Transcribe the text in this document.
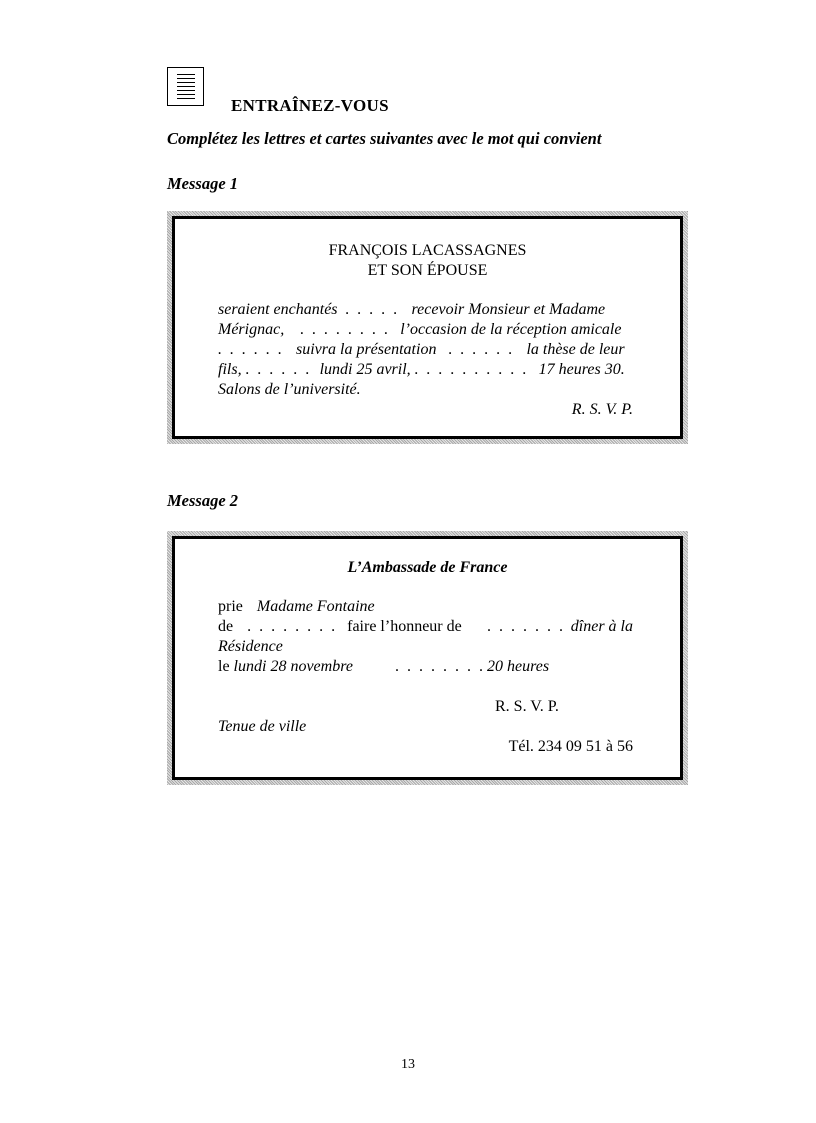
ENTRAÎNEZ-VOUS
Complétez les lettres et cartes suivantes avec le mot qui convient
Message 1
FRANÇOIS LACASSAGNES
ET SON ÉPOUSE
seraient enchantés . . . . . recevoir Monsieur et Madame
Mérignac, . . . . . . . . l’occasion de la réception amicale
. . . . . . suivra la présentation . . . . . . la thèse de leur
fils, . . . . . . lundi 25 avril, . . . . . . . . . . 17 heures 30.
Salons de l’université.
R. S. V. P.
Message 2
L’Ambassade de France
prie Madame Fontaine
de . . . . . . . . faire l’honneur de . . . . . . . dîner à la
Résidence
le lundi 28 novembre	. . . . . . . . 20 heures
R. S. V. P.
Tenue de ville
Tél. 234 09 51 à 56
13
